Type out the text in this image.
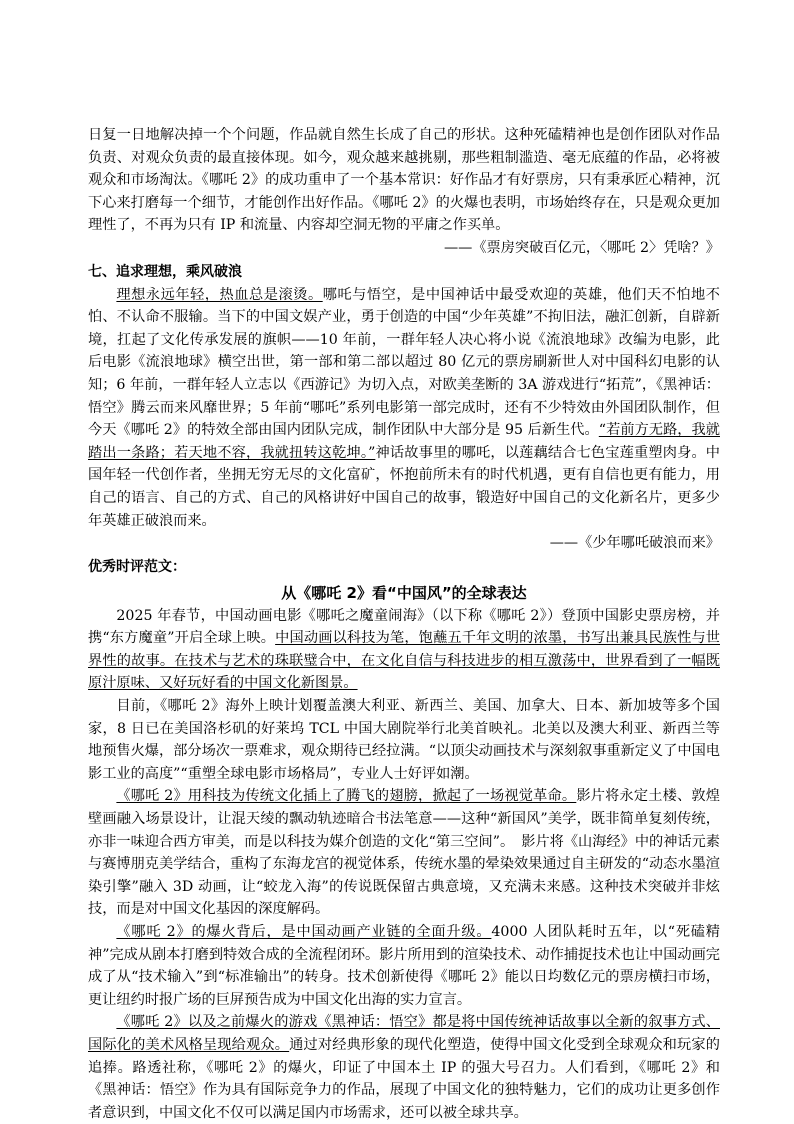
日复一日地解决掉一个个问题，作品就自然生长成了自己的形状。这种死磕精神也是创作团队对作品负责、对观众负责的最直接体现。如今，观众越来越挑剔，那些粗制滥造、毫无底蕴的作品，必将被观众和市场淘汰。《哪吒 2》的成功重申了一个基本常识：好作品才有好票房，只有秉承匠心精神，沉下心来打磨每一个细节，才能创作出好作品。《哪吒 2》的火爆也表明，市场始终存在，只是观众更加理性了，不再为只有 IP 和流量、内容却空洞无物的平庸之作买单。

——《票房突破百亿元，〈哪吒 2〉凭啥？》

七、追求理想，乘风破浪

理想永远年轻，热血总是滚烫。哪吒与悟空，是中国神话中最受欢迎的英雄，他们天不怕地不怕、不认命不服输。当下的中国文娱产业，勇于创造的中国“少年英雄”不拘旧法，融汇创新，自辟新境，扛起了文化传承发展的旗帜——10 年前，一群年轻人决心将小说《流浪地球》改编为电影，此后电影《流浪地球》横空出世，第一部和第二部以超过 80 亿元的票房刷新世人对中国科幻电影的认知；6 年前，一群年轻人立志以《西游记》为切入点，对欧美垄断的 3A 游戏进行“拓荒”，《黑神话：悟空》腾云而来风靡世界；5 年前“哪吒”系列电影第一部完成时，还有不少特效由外国团队制作，但今天《哪吒 2》的特效全部由国内团队完成，制作团队中大部分是 95 后新生代。“若前方无路，我就踏出一条路；若天地不容，我就扭转这乾坤。”神话故事里的哪吒，以莲藕结合七色宝莲重塑肉身。中国年轻一代创作者，坐拥无穷无尽的文化富矿，怀抱前所未有的时代机遇，更有自信也更有能力，用自己的语言、自己的方式、自己的风格讲好中国自己的故事，锻造好中国自己的文化新名片，更多少年英雄正破浪而来。

——《少年哪吒破浪而来》

优秀时评范文：

从《哪吒 2》看“中国风”的全球表达

2025 年春节，中国动画电影《哪吒之魔童闹海》（以下称《哪吒 2》）登顶中国影史票房榜，并携“东方魔童”开启全球上映。中国动画以科技为笔，饱蘸五千年文明的浓墨，书写出兼具民族性与世界性的故事。在技术与艺术的珠联璧合中，在文化自信与科技进步的相互激荡中，世界看到了一幅既原汁原味、又好玩好看的中国文化新图景。

目前，《哪吒 2》海外上映计划覆盖澳大利亚、新西兰、美国、加拿大、日本、新加坡等多个国家，8 日已在美国洛杉矶的好莱坞 TCL 中国大剧院举行北美首映礼。北美以及澳大利亚、新西兰等地预售火爆，部分场次一票难求，观众期待已经拉满。“以顶尖动画技术与深刻叙事重新定义了中国电影工业的高度”“重塑全球电影市场格局”，专业人士好评如潮。

《哪吒 2》用科技为传统文化插上了腾飞的翅膀，掀起了一场视觉革命。影片将永定土楼、敦煌壁画融入场景设计，让混天绫的飘动轨迹暗合书法笔意——这种“新国风”美学，既非简单复刻传统，亦非一味迎合西方审美，而是以科技为媒介创造的文化“第三空间”。　影片将《山海经》中的神话元素与赛博朋克美学结合，重构了东海龙宫的视觉体系，传统水墨的晕染效果通过自主研发的“动态水墨渲染引擎”融入 3D 动画，让“蛟龙入海”的传说既保留古典意境，又充满未来感。这种技术突破并非炫技，而是对中国文化基因的深度解码。

《哪吒 2》的爆火背后，是中国动画产业链的全面升级。4000 人团队耗时五年，以“死磕精神”完成从剧本打磨到特效合成的全流程闭环。影片所用到的渲染技术、动作捕捉技术也让中国动画完成了从“技术输入”到“标准输出”的转身。技术创新使得《哪吒 2》能以日均数亿元的票房横扫市场，更让纽约时报广场的巨屏预告成为中国文化出海的实力宣言。

《哪吒 2》以及之前爆火的游戏《黑神话：悟空》都是将中国传统神话故事以全新的叙事方式、国际化的美术风格呈现给观众。通过对经典形象的现代化塑造，使得中国文化受到全球观众和玩家的追捧。路透社称，《哪吒 2》的爆火，印证了中国本土 IP 的强大号召力。人们看到，《哪吒 2》和《黑神话：悟空》作为具有国际竞争力的作品，展现了中国文化的独特魅力，它们的成功让更多创作者意识到，中国文化不仅可以满足国内市场需求，还可以被全球共享。
